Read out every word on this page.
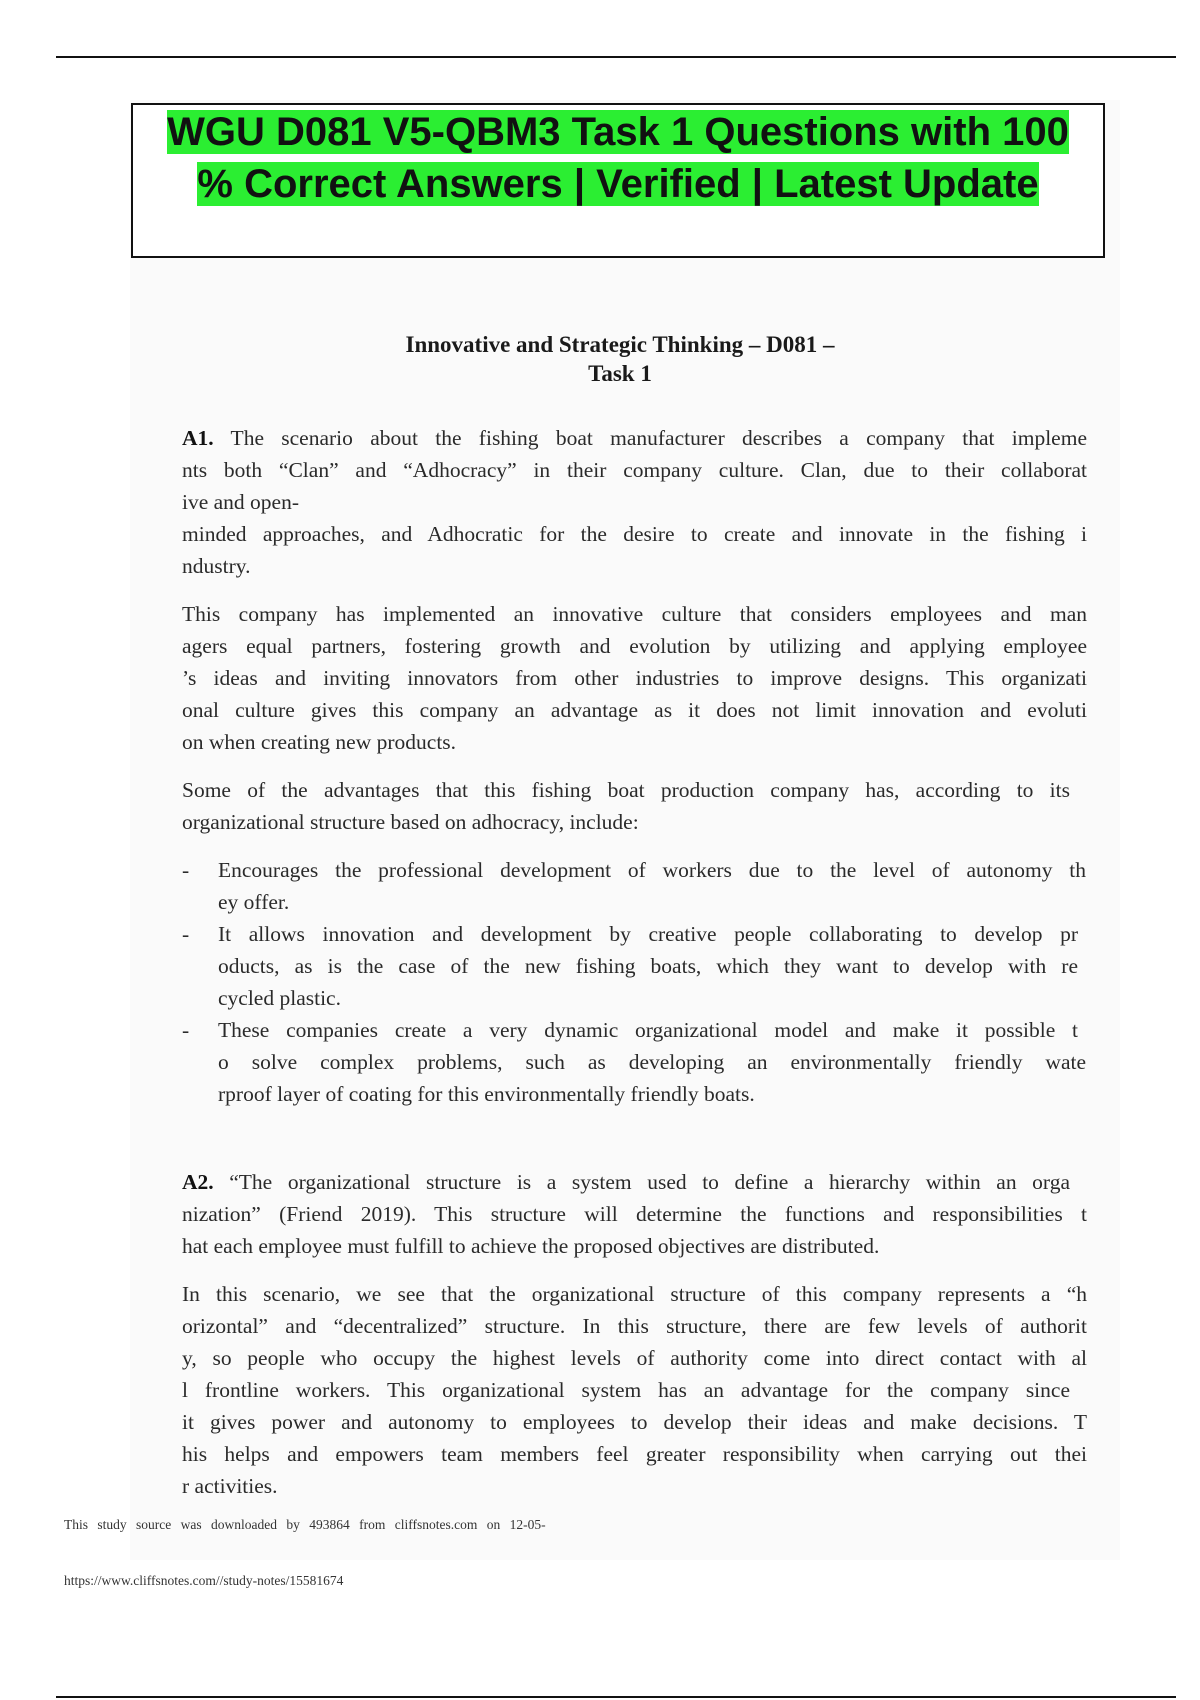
WGU D081 V5-QBM3 Task 1 Questions with 100
% Correct Answers | Verified | Latest Update
Innovative and Strategic Thinking – D081 –
Task 1
A1. The scenario about the fishing boat manufacturer describes a company that impleme
nts both “Clan” and “Adhocracy” in their company culture. Clan, due to their collaborat
ive and open-
minded approaches, and Adhocratic for the desire to create and innovate in the fishing i
ndustry.
This company has implemented an innovative culture that considers employees and man
agers equal partners, fostering growth and evolution by utilizing and applying employee
’s ideas and inviting innovators from other industries to improve designs. This organizati
onal culture gives this company an advantage as it does not limit innovation and evoluti
on when creating new products.
Some of the advantages that this fishing boat production company has, according to its
organizational structure based on adhocracy, include:
-	Encourages the professional development of workers due to the level of autonomy th
ey offer.
-	It allows innovation and development by creative people collaborating to develop pr
oducts, as is the case of the new fishing boats, which they want to develop with re
cycled plastic.
-	These companies create a very dynamic organizational model and make it possible t
o solve complex problems, such as developing an environmentally friendly wate
rproof layer of coating for this environmentally friendly boats.
A2. “The organizational structure is a system used to define a hierarchy within an orga
nization” (Friend 2019). This structure will determine the functions and responsibilities t
hat each employee must fulfill to achieve the proposed objectives are distributed.
In this scenario, we see that the organizational structure of this company represents a “h
orizontal” and “decentralized” structure. In this structure, there are few levels of authorit
y, so people who occupy the highest levels of authority come into direct contact with al
l frontline workers. This organizational system has an advantage for the company since
it gives power and autonomy to employees to develop their ideas and make decisions. T
his helps and empowers team members feel greater responsibility when carrying out thei
r activities.
This study source was downloaded by 493864 from cliffsnotes.com on 12-05-
https://www.cliffsnotes.com//study-notes/15581674
